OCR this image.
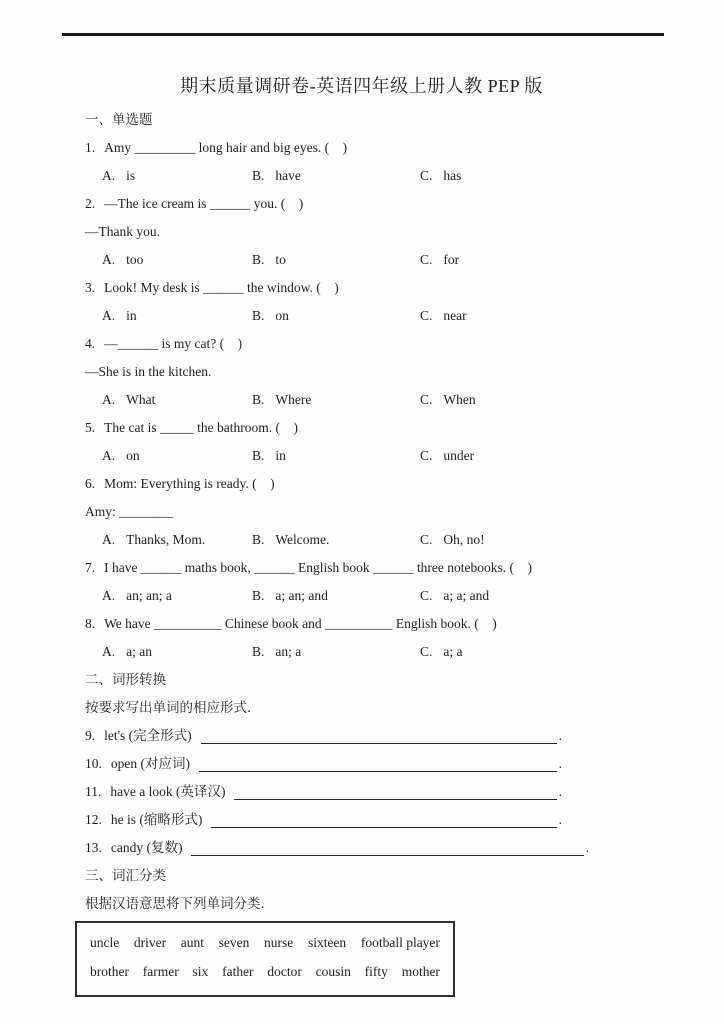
期末质量调研卷-英语四年级上册人教 PEP 版
一、单选题
1. Amy _________ long hair and big eyes. (　)
A. is	B. have	C. has
2. —The ice cream is ______ you. (　)
—Thank you.
A. too	B. to	C. for
3. Look! My desk is ______ the window. (　)
A. in	B. on	C. near
4. —______ is my cat? (　)
—She is in the kitchen.
A. What	B. Where	C. When
5. The cat is _____ the bathroom. (　)
A. on	B. in	C. under
6. Mom: Everything is ready. (　)
Amy: ________
A. Thanks, Mom.	B. Welcome.	C. Oh, no!
7. I have ______ maths book, ______ English book ______ three notebooks. (　)
A. an; an; a	B. a; an; and	C. a; a; and
8. We have __________ Chinese book and __________ English book. (　)
A. a; an	B. an; a	C. a; a
二、词形转换
按要求写出单词的相应形式．
9. let's (完全形式)	.
10. open (对应词)	.
11. have a look (英译汉)	.
12. he is (缩略形式)	.
13. candy (复数)	.
三、词汇分类
根据汉语意思将下列单词分类．
uncle driver aunt seven nurse sixteen football player
brother farmer six father doctor cousin fifty mother
